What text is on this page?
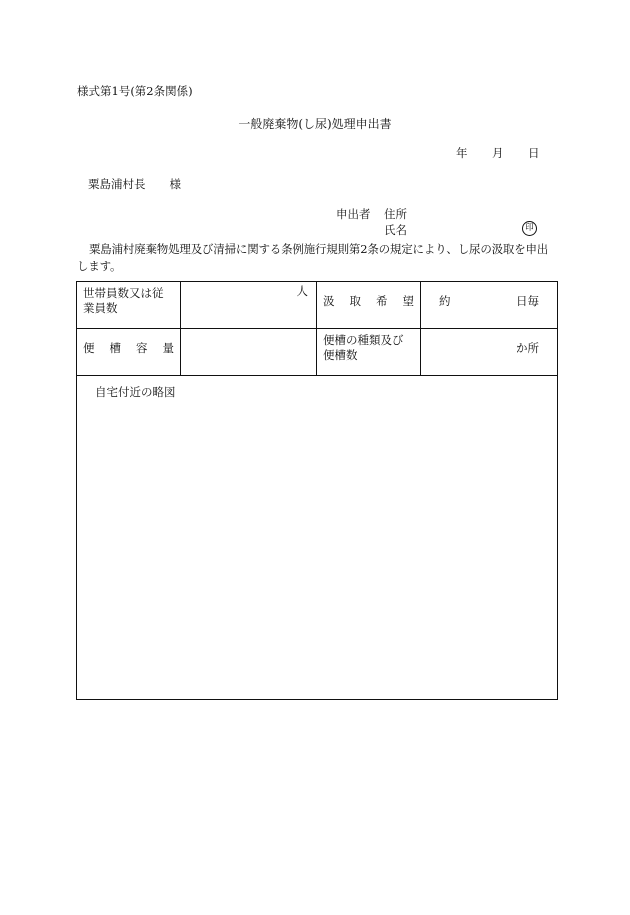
様式第1号(第2条関係)
一般廃棄物(し尿)処理申出書
年 月 日
粟島浦村長 様
申出者 住所
氏名	印
粟島浦村廃棄物処理及び清掃に関する条例施行規則第2条の規定により、し尿の汲取を申出します。
世帯員数又は従業員数	人	汲取希望	約 日毎

便槽容量		便槽の種類及び便槽数	か所

自宅付近の略図			
